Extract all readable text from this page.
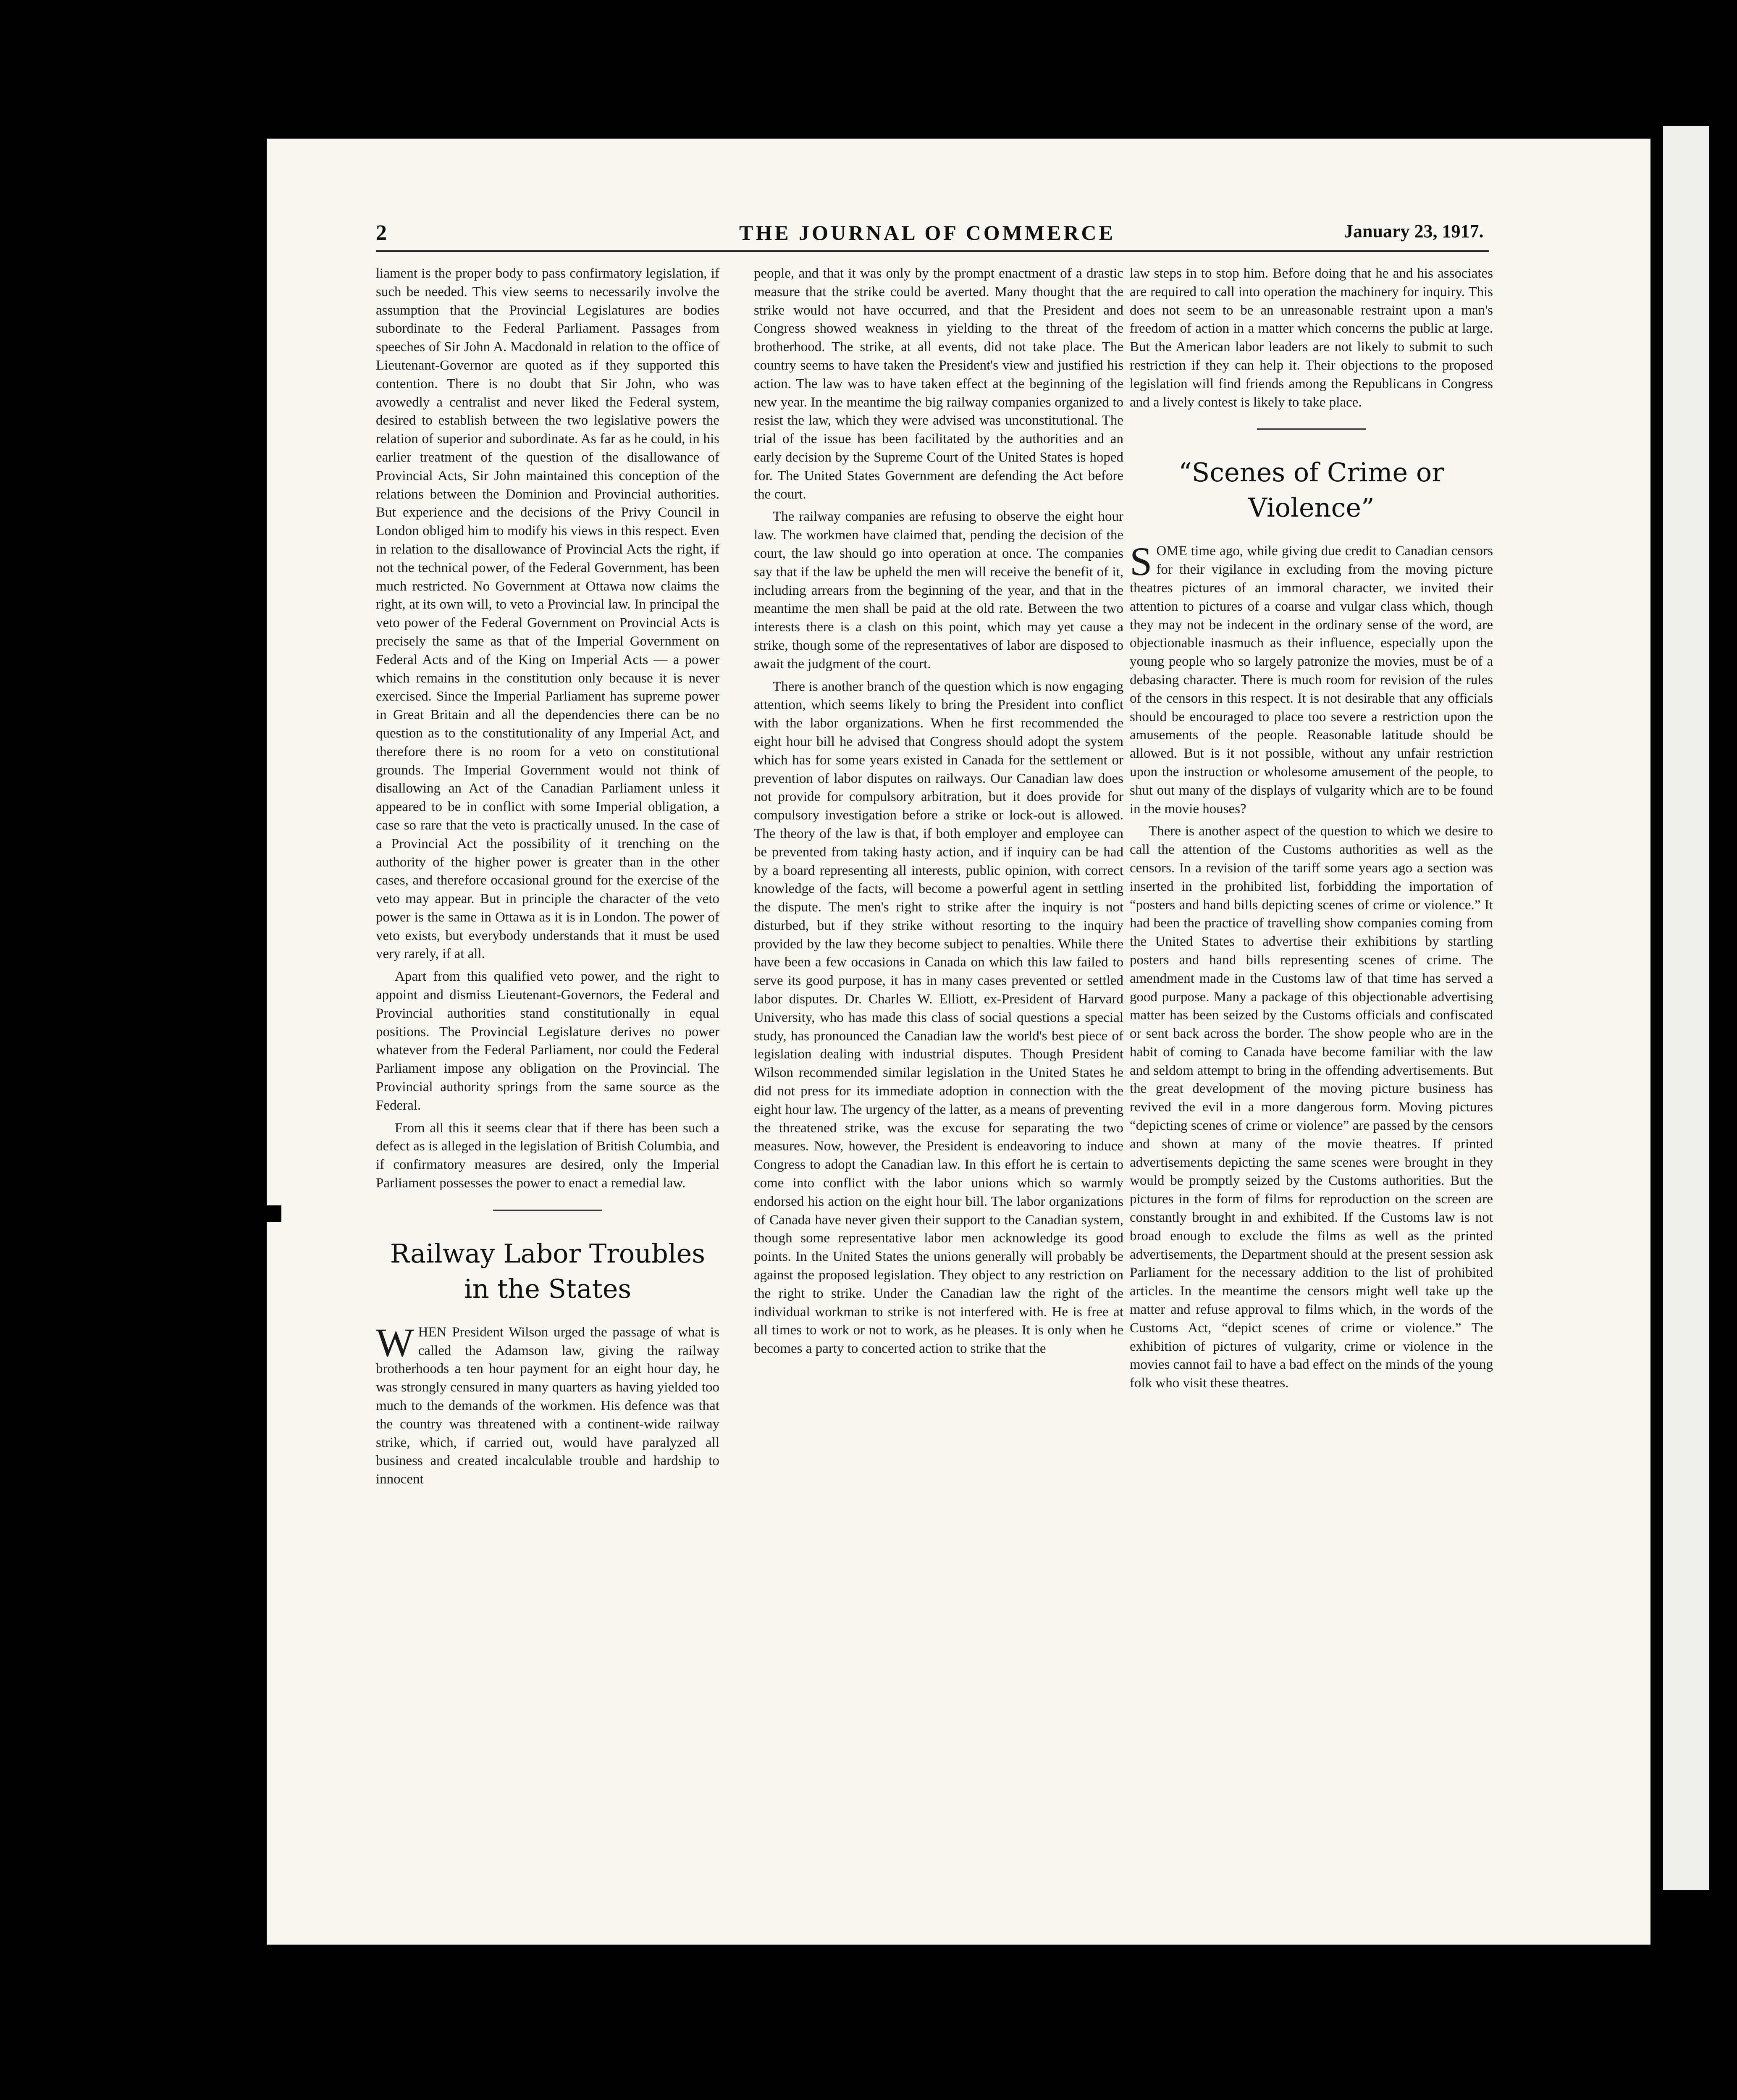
2	THE JOURNAL OF COMMERCE	January 23, 1917.

liament is the proper body to pass confirmatory legislation, if such be needed. This view seems to necessarily involve the assumption that the Provincial Legislatures are bodies subordinate to the Federal Parliament. Passages from speeches of Sir John A. Macdonald in relation to the office of Lieutenant-Governor are quoted as if they supported this contention. There is no doubt that Sir John, who was avowedly a centralist and never liked the Federal system, desired to establish between the two legislative powers the relation of superior and subordinate. As far as he could, in his earlier treatment of the question of the disallowance of Provincial Acts, Sir John maintained this conception of the relations between the Dominion and Provincial authorities. But experience and the decisions of the Privy Council in London obliged him to modify his views in this respect. Even in relation to the disallowance of Provincial Acts the right, if not the technical power, of the Federal Government, has been much restricted. No Government at Ottawa now claims the right, at its own will, to veto a Provincial law. In principal the veto power of the Federal Government on Provincial Acts is precisely the same as that of the Imperial Government on Federal Acts and of the King on Imperial Acts — a power which remains in the constitution only because it is never exercised. Since the Imperial Parliament has supreme power in Great Britain and all the dependencies there can be no question as to the constitutionality of any Imperial Act, and therefore there is no room for a veto on constitutional grounds. The Imperial Government would not think of disallowing an Act of the Canadian Parliament unless it appeared to be in conflict with some Imperial obligation, a case so rare that the veto is practically unused. In the case of a Provincial Act the possibility of it trenching on the authority of the higher power is greater than in the other cases, and therefore occasional ground for the exercise of the veto may appear. But in principle the character of the veto power is the same in Ottawa as it is in London. The power of veto exists, but everybody understands that it must be used very rarely, if at all.

Apart from this qualified veto power, and the right to appoint and dismiss Lieutenant-Governors, the Federal and Provincial authorities stand constitutionally in equal positions. The Provincial Legislature derives no power whatever from the Federal Parliament, nor could the Federal Parliament impose any obligation on the Provincial. The Provincial authority springs from the same source as the Federal.

From all this it seems clear that if there has been such a defect as is alleged in the legislation of British Columbia, and if confirmatory measures are desired, only the Imperial Parliament possesses the power to enact a remedial law.

Railway Labor Troubles in the States

WHEN President Wilson urged the passage of what is called the Adamson law, giving the railway brotherhoods a ten hour payment for an eight hour day, he was strongly censured in many quarters as having yielded too much to the demands of the workmen. His defence was that the country was threatened with a continent-wide railway strike, which, if carried out, would have paralyzed all business and created incalculable trouble and hardship to innocent

people, and that it was only by the prompt enactment of a drastic measure that the strike could be averted. Many thought that the strike would not have occurred, and that the President and Congress showed weakness in yielding to the threat of the brotherhood. The strike, at all events, did not take place. The country seems to have taken the President's view and justified his action. The law was to have taken effect at the beginning of the new year. In the meantime the big railway companies organized to resist the law, which they were advised was unconstitutional. The trial of the issue has been facilitated by the authorities and an early decision by the Supreme Court of the United States is hoped for. The United States Government are defending the Act before the court.

The railway companies are refusing to observe the eight hour law. The workmen have claimed that, pending the decision of the court, the law should go into operation at once. The companies say that if the law be upheld the men will receive the benefit of it, including arrears from the beginning of the year, and that in the meantime the men shall be paid at the old rate. Between the two interests there is a clash on this point, which may yet cause a strike, though some of the representatives of labor are disposed to await the judgment of the court.

There is another branch of the question which is now engaging attention, which seems likely to bring the President into conflict with the labor organizations. When he first recommended the eight hour bill he advised that Congress should adopt the system which has for some years existed in Canada for the settlement or prevention of labor disputes on railways. Our Canadian law does not provide for compulsory arbitration, but it does provide for compulsory investigation before a strike or lock-out is allowed. The theory of the law is that, if both employer and employee can be prevented from taking hasty action, and if inquiry can be had by a board representing all interests, public opinion, with correct knowledge of the facts, will become a powerful agent in settling the dispute. The men's right to strike after the inquiry is not disturbed, but if they strike without resorting to the inquiry provided by the law they become subject to penalties. While there have been a few occasions in Canada on which this law failed to serve its good purpose, it has in many cases prevented or settled labor disputes. Dr. Charles W. Elliott, ex-President of Harvard University, who has made this class of social questions a special study, has pronounced the Canadian law the world's best piece of legislation dealing with industrial disputes. Though President Wilson recommended similar legislation in the United States he did not press for its immediate adoption in connection with the eight hour law. The urgency of the latter, as a means of preventing the threatened strike, was the excuse for separating the two measures. Now, however, the President is endeavoring to induce Congress to adopt the Canadian law. In this effort he is certain to come into conflict with the labor unions which so warmly endorsed his action on the eight hour bill. The labor organizations of Canada have never given their support to the Canadian system, though some representative labor men acknowledge its good points. In the United States the unions generally will probably be against the proposed legislation. They object to any restriction on the right to strike. Under the Canadian law the right of the individual workman to strike is not interfered with. He is free at all times to work or not to work, as he pleases. It is only when he becomes a party to concerted action to strike that the

law steps in to stop him. Before doing that he and his associates are required to call into operation the machinery for inquiry. This does not seem to be an unreasonable restraint upon a man's freedom of action in a matter which concerns the public at large. But the American labor leaders are not likely to submit to such restriction if they can help it. Their objections to the proposed legislation will find friends among the Republicans in Congress and a lively contest is likely to take place.

“Scenes of Crime or Violence”

SOME time ago, while giving due credit to Canadian censors for their vigilance in excluding from the moving picture theatres pictures of an immoral character, we invited their attention to pictures of a coarse and vulgar class which, though they may not be indecent in the ordinary sense of the word, are objectionable inasmuch as their influence, especially upon the young people who so largely patronize the movies, must be of a debasing character. There is much room for revision of the rules of the censors in this respect. It is not desirable that any officials should be encouraged to place too severe a restriction upon the amusements of the people. Reasonable latitude should be allowed. But is it not possible, without any unfair restriction upon the instruction or wholesome amusement of the people, to shut out many of the displays of vulgarity which are to be found in the movie houses?

There is another aspect of the question to which we desire to call the attention of the Customs authorities as well as the censors. In a revision of the tariff some years ago a section was inserted in the prohibited list, forbidding the importation of “posters and hand bills depicting scenes of crime or violence.” It had been the practice of travelling show companies coming from the United States to advertise their exhibitions by startling posters and hand bills representing scenes of crime. The amendment made in the Customs law of that time has served a good purpose. Many a package of this objectionable advertising matter has been seized by the Customs officials and confiscated or sent back across the border. The show people who are in the habit of coming to Canada have become familiar with the law and seldom attempt to bring in the offending advertisements. But the great development of the moving picture business has revived the evil in a more dangerous form. Moving pictures “depicting scenes of crime or violence” are passed by the censors and shown at many of the movie theatres. If printed advertisements depicting the same scenes were brought in they would be promptly seized by the Customs authorities. But the pictures in the form of films for reproduction on the screen are constantly brought in and exhibited. If the Customs law is not broad enough to exclude the films as well as the printed advertisements, the Department should at the present session ask Parliament for the necessary addition to the list of prohibited articles. In the meantime the censors might well take up the matter and refuse approval to films which, in the words of the Customs Act, “depict scenes of crime or violence.” The exhibition of pictures of vulgarity, crime or violence in the movies cannot fail to have a bad effect on the minds of the young folk who visit these theatres.
